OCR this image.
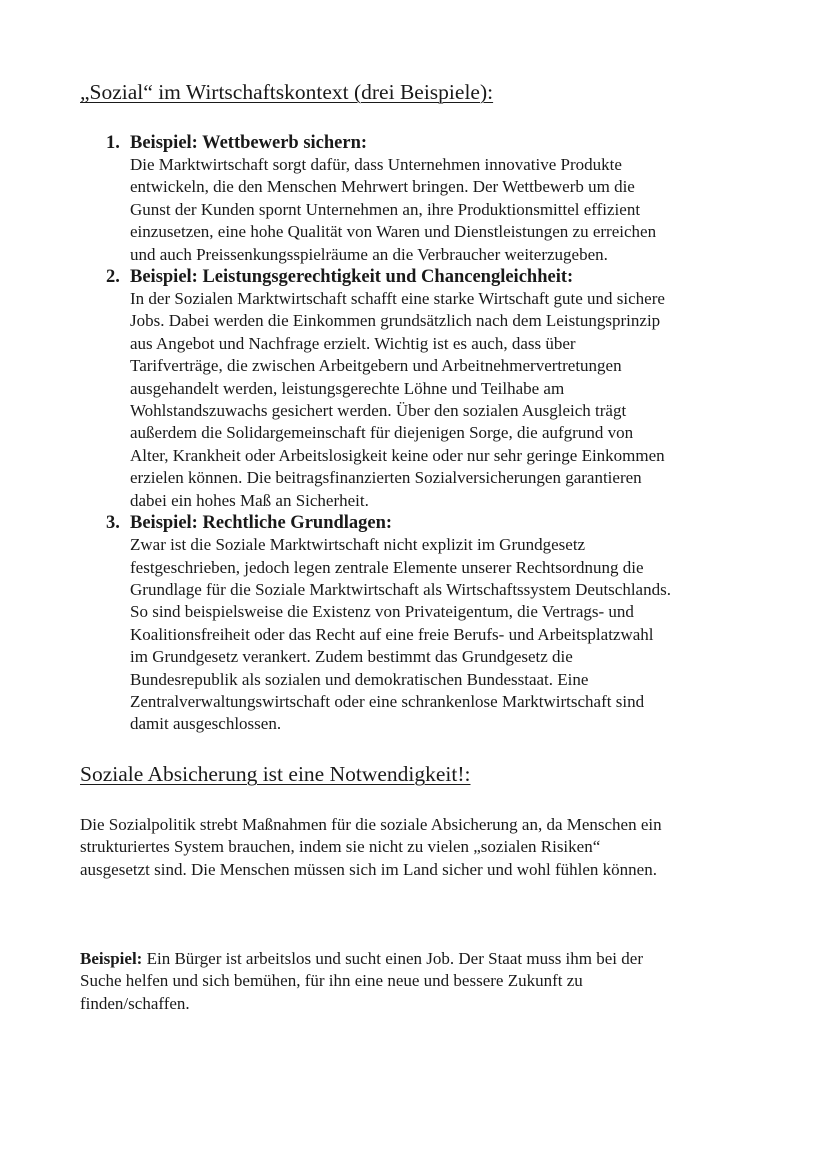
„Sozial“ im Wirtschaftskontext (drei Beispiele):
1. Beispiel: Wettbewerb sichern:
Die Marktwirtschaft sorgt dafür, dass Unternehmen innovative Produkte
entwickeln, die den Menschen Mehrwert bringen. Der Wettbewerb um die
Gunst der Kunden spornt Unternehmen an, ihre Produktionsmittel effizient
einzusetzen, eine hohe Qualität von Waren und Dienstleistungen zu erreichen
und auch Preissenkungsspielräume an die Verbraucher weiterzugeben.
2. Beispiel: Leistungsgerechtigkeit und Chancengleichheit:
In der Sozialen Marktwirtschaft schafft eine starke Wirtschaft gute und sichere
Jobs. Dabei werden die Einkommen grundsätzlich nach dem Leistungsprinzip
aus Angebot und Nachfrage erzielt. Wichtig ist es auch, dass über
Tarifverträge, die zwischen Arbeitgebern und Arbeitnehmervertretungen
ausgehandelt werden, leistungsgerechte Löhne und Teilhabe am
Wohlstandszuwachs gesichert werden. Über den sozialen Ausgleich trägt
außerdem die Solidargemeinschaft für diejenigen Sorge, die aufgrund von
Alter, Krankheit oder Arbeitslosigkeit keine oder nur sehr geringe Einkommen
erzielen können. Die beitragsfinanzierten Sozialversicherungen garantieren
dabei ein hohes Maß an Sicherheit.
3. Beispiel: Rechtliche Grundlagen:
Zwar ist die Soziale Marktwirtschaft nicht explizit im Grundgesetz
festgeschrieben, jedoch legen zentrale Elemente unserer Rechtsordnung die
Grundlage für die Soziale Marktwirtschaft als Wirtschaftssystem Deutschlands.
So sind beispielsweise die Existenz von Privateigentum, die Vertrags- und
Koalitionsfreiheit oder das Recht auf eine freie Berufs- und Arbeitsplatzwahl
im Grundgesetz verankert. Zudem bestimmt das Grundgesetz die
Bundesrepublik als sozialen und demokratischen Bundesstaat. Eine
Zentralverwaltungswirtschaft oder eine schrankenlose Marktwirtschaft sind
damit ausgeschlossen.
Soziale Absicherung ist eine Notwendigkeit!:

Die Sozialpolitik strebt Maßnahmen für die soziale Absicherung an, da Menschen ein
strukturiertes System brauchen, indem sie nicht zu vielen „sozialen Risiken“
ausgesetzt sind. Die Menschen müssen sich im Land sicher und wohl fühlen können.

Beispiel: Ein Bürger ist arbeitslos und sucht einen Job. Der Staat muss ihm bei der
Suche helfen und sich bemühen, für ihn eine neue und bessere Zukunft zu
finden/schaffen.
